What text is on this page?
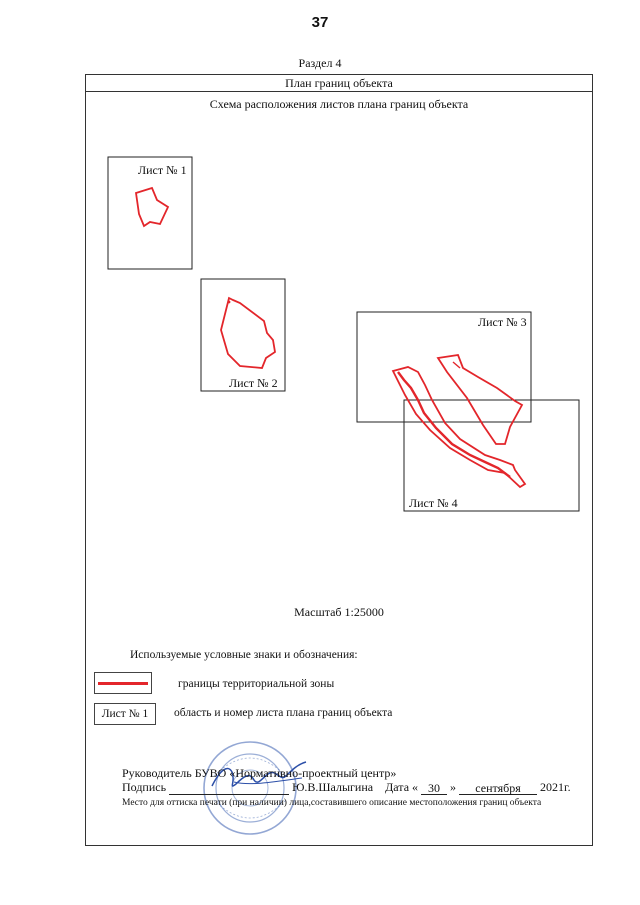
37
Раздел 4
План границ объекта
Схема расположения листов плана границ объекта
Лист № 1
Лист № 2
Лист № 3
Лист № 4
Масштаб 1:25000
Используемые условные знаки и обозначения:
границы территориальной зоны
Лист № 1	область и номер листа плана границ объекта
Руководитель БУВО «Нормативно-проектный центр»
Подпись	Ю.В.Шалыгина Дата « 30 » сентября 2021г.
Место для оттиска печати (при наличии) лица,составившего описание местоположения границ объекта
